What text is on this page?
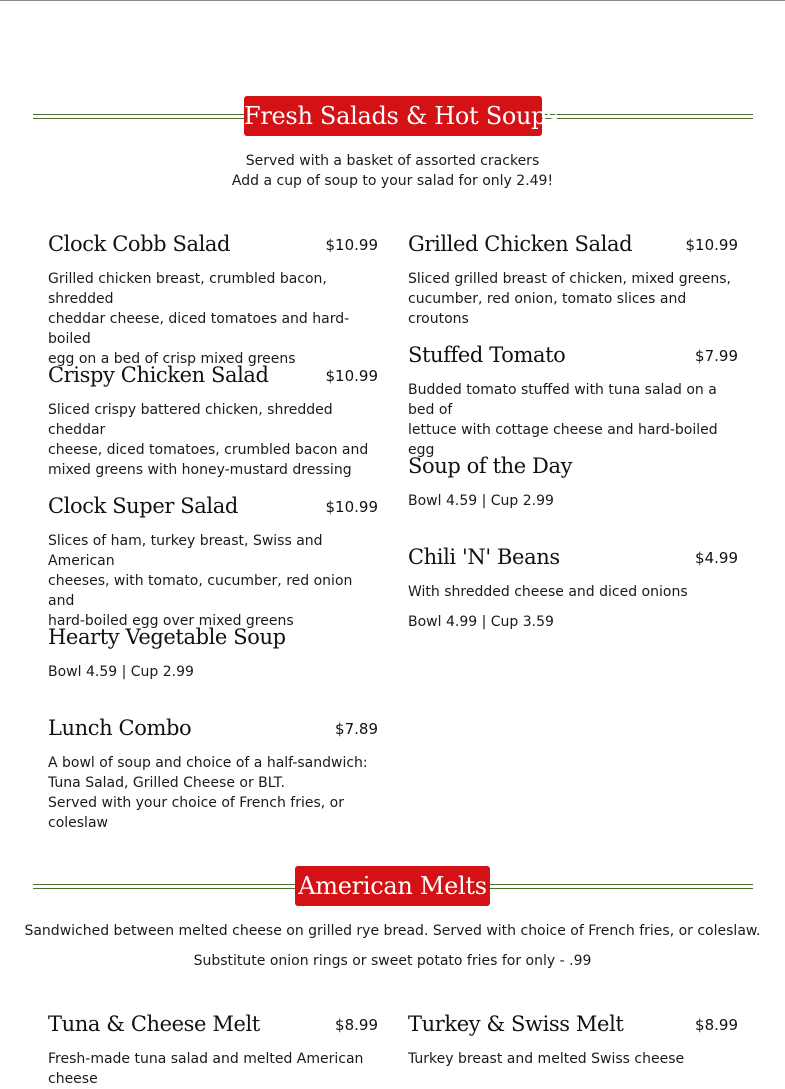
Fresh Salads & Hot Soups
Served with a basket of assorted crackers
Add a cup of soup to your salad for only 2.49!
Clock Cobb Salad	$10.99
Grilled chicken breast, crumbled bacon, shredded
cheddar cheese, diced tomatoes and hard-boiled
egg on a bed of crisp mixed greens
Crispy Chicken Salad	$10.99
Sliced crispy battered chicken, shredded cheddar
cheese, diced tomatoes, crumbled bacon and
mixed greens with honey-mustard dressing
Clock Super Salad	$10.99
Slices of ham, turkey breast, Swiss and American
cheeses, with tomato, cucumber, red onion and
hard-boiled egg over mixed greens
Hearty Vegetable Soup
Bowl 4.59 | Cup 2.99
Lunch Combo	$7.89
A bowl of soup and choice of a half-sandwich:
Tuna Salad, Grilled Cheese or BLT.
Served with your choice of French fries, or
coleslaw
Grilled Chicken Salad	$10.99
Sliced grilled breast of chicken, mixed greens,
cucumber, red onion, tomato slices and croutons
Stuffed Tomato	$7.99
Budded tomato stuffed with tuna salad on a bed of
lettuce with cottage cheese and hard-boiled egg
Soup of the Day
Bowl 4.59 | Cup 2.99
Chili 'N' Beans	$4.99
With shredded cheese and diced onions
Bowl 4.99 | Cup 3.59
American Melts
Sandwiched between melted cheese on grilled rye bread. Served with choice of French fries, or coleslaw.
Substitute onion rings or sweet potato fries for only - .99
Tuna & Cheese Melt	$8.99
Fresh-made tuna salad and melted American
cheese
Turkey & Swiss Melt	$8.99
Turkey breast and melted Swiss cheese
